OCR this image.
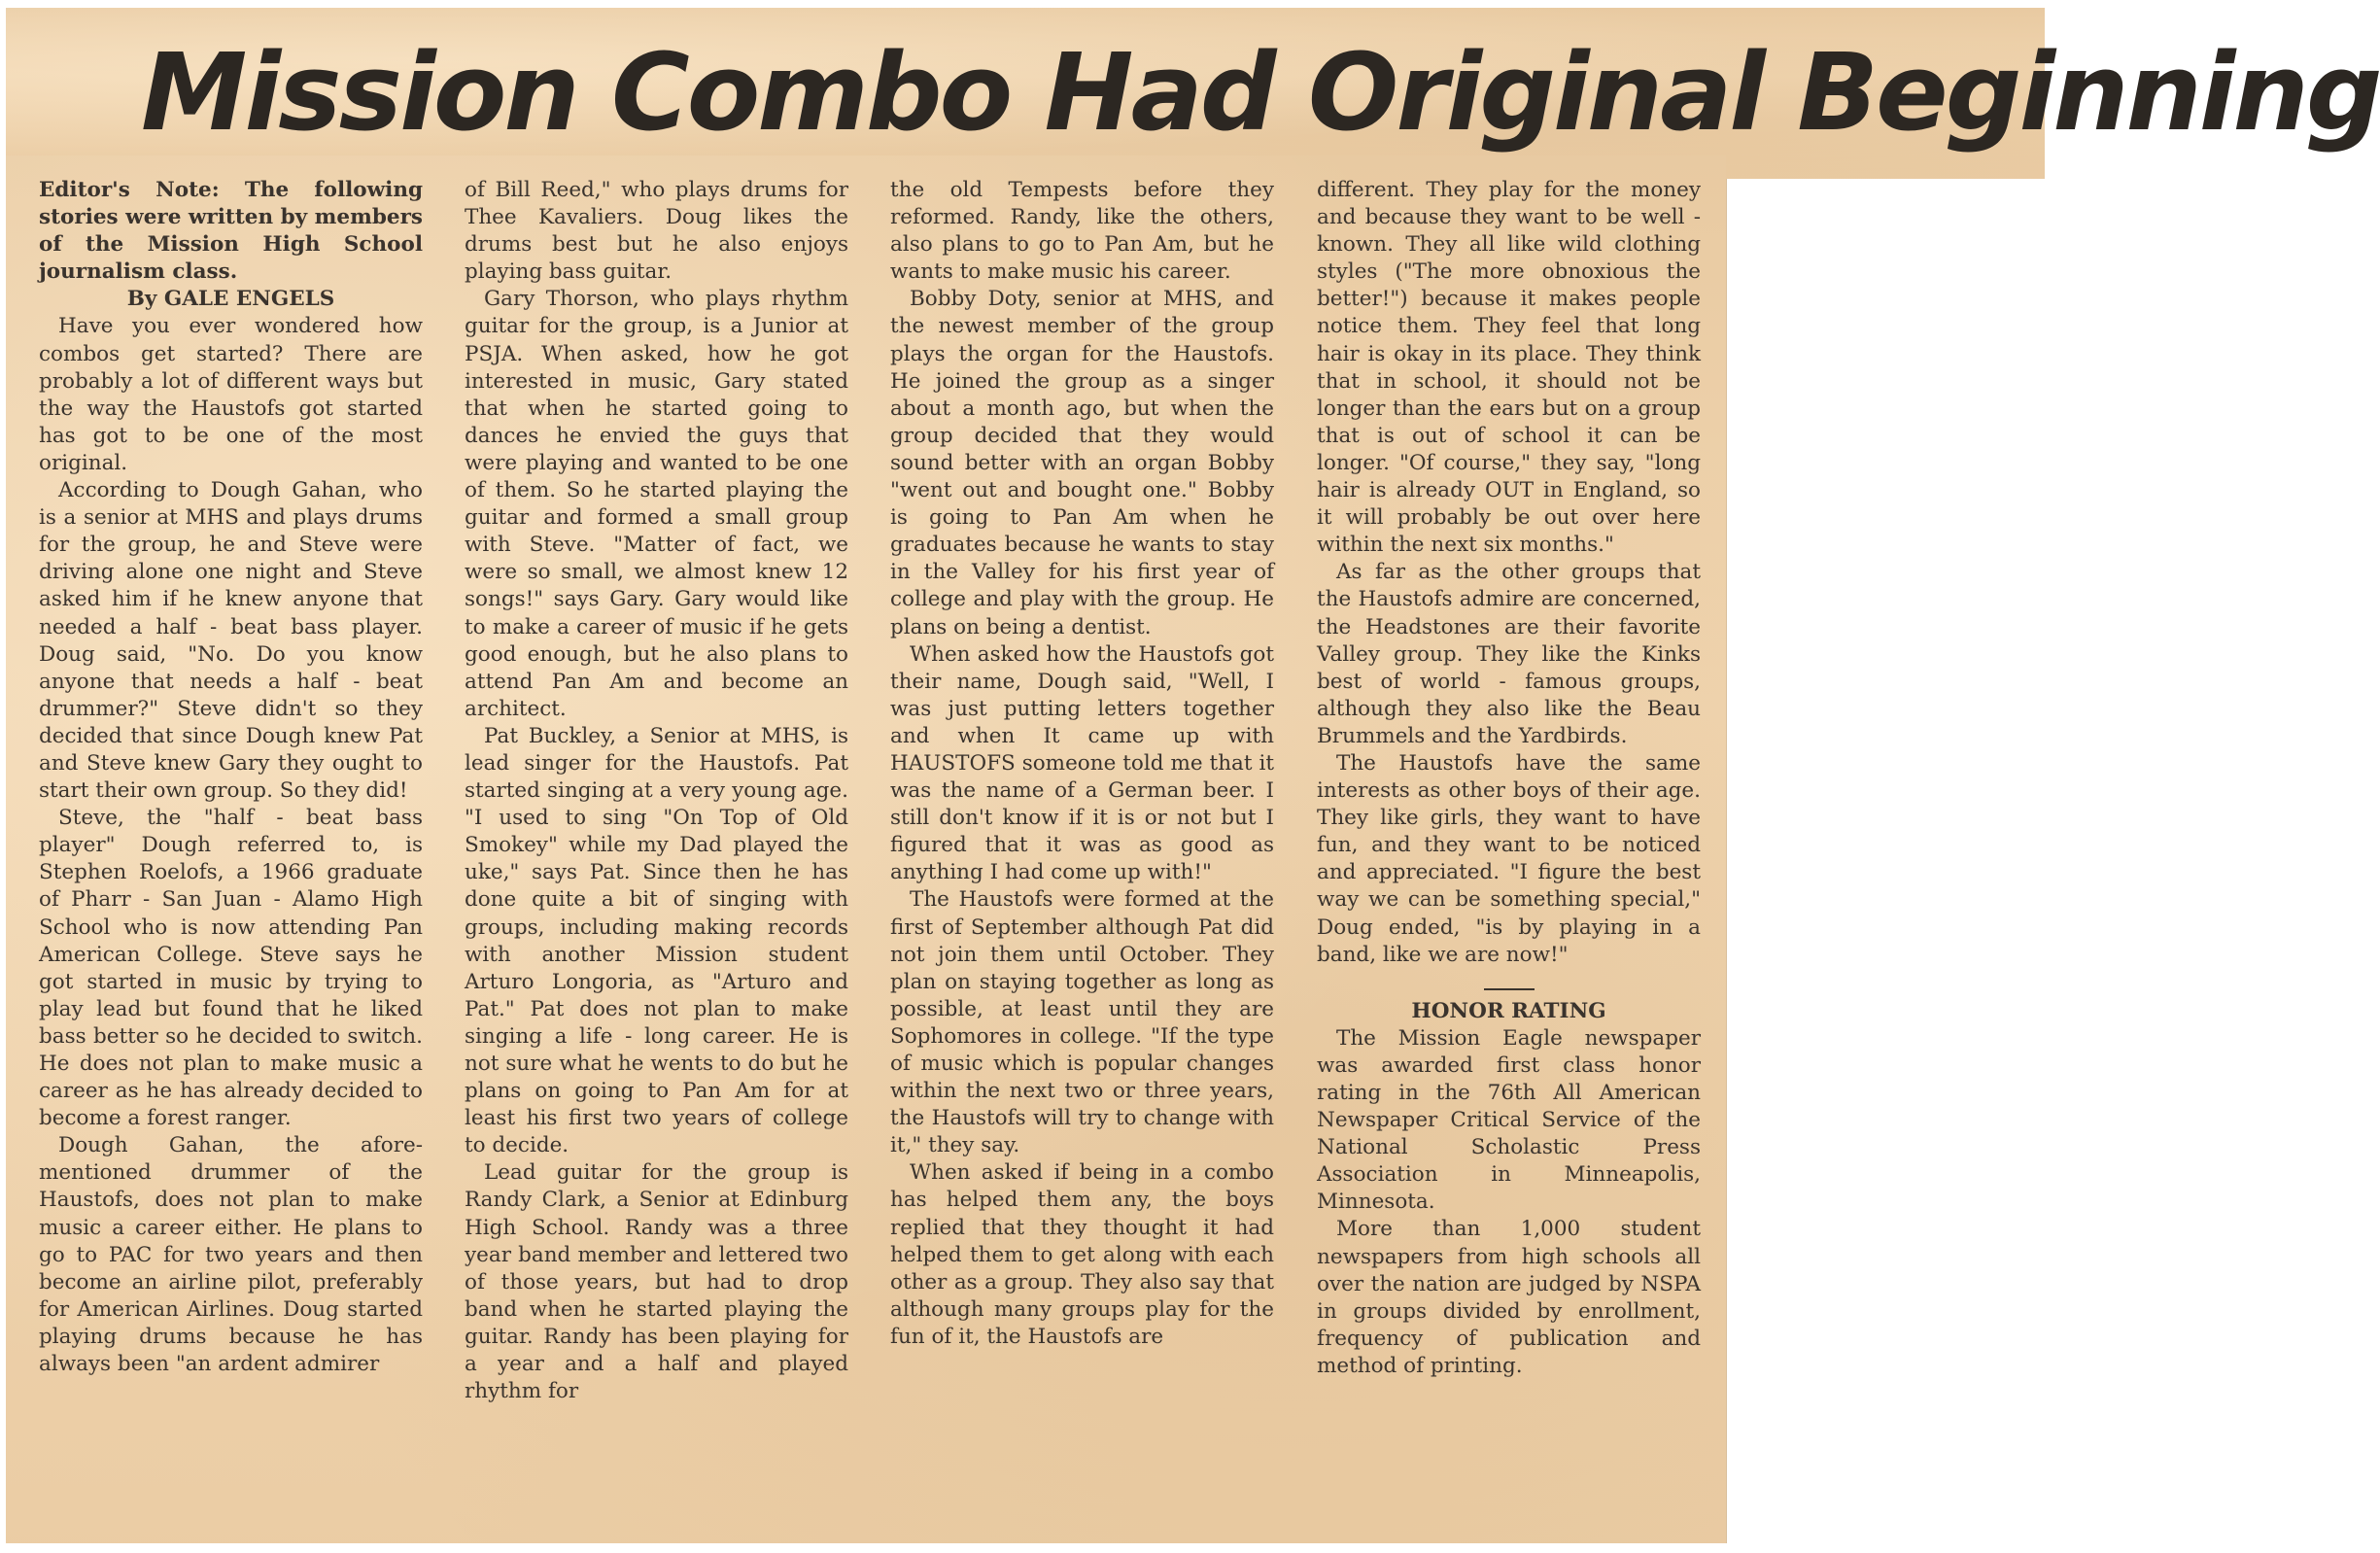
Mission Combo Had Original Beginning

Editor's Note: The following stories were written by members of the Mission High School journalism class.

By GALE ENGELS

Have you ever wondered how combos get started? There are probably a lot of different ways but the way the Haustofs got started has got to be one of the most original.

According to Dough Gahan, who is a senior at MHS and plays drums for the group, he and Steve were driving alone one night and Steve asked him if he knew anyone that needed a half - beat bass player. Doug said, "No. Do you know anyone that needs a half - beat drummer?" Steve didn't so they decided that since Dough knew Pat and Steve knew Gary they ought to start their own group. So they did!

Steve, the "half - beat bass player" Dough referred to, is Stephen Roelofs, a 1966 graduate of Pharr - San Juan - Alamo High School who is now attending Pan American College. Steve says he got started in music by trying to play lead but found that he liked bass better so he decided to switch. He does not plan to make music a career as he has already decided to become a forest ranger.

Dough Gahan, the afore-mentioned drummer of the Haustofs, does not plan to make music a career either. He plans to go to PAC for two years and then become an airline pilot, preferably for American Airlines. Doug started playing drums because he has always been "an ardent admirer

of Bill Reed," who plays drums for Thee Kavaliers. Doug likes the drums best but he also enjoys playing bass guitar.

Gary Thorson, who plays rhythm guitar for the group, is a Junior at PSJA. When asked, how he got interested in music, Gary stated that when he started going to dances he envied the guys that were playing and wanted to be one of them. So he started playing the guitar and formed a small group with Steve. "Matter of fact, we were so small, we almost knew 12 songs!" says Gary. Gary would like to make a career of music if he gets good enough, but he also plans to attend Pan Am and become an architect.

Pat Buckley, a Senior at MHS, is lead singer for the Haustofs. Pat started singing at a very young age. "I used to sing "On Top of Old Smokey" while my Dad played the uke," says Pat. Since then he has done quite a bit of singing with groups, including making records with another Mission student Arturo Longoria, as "Arturo and Pat." Pat does not plan to make singing a life - long career. He is not sure what he wents to do but he plans on going to Pan Am for at least his first two years of college to decide.

Lead guitar for the group is Randy Clark, a Senior at Edinburg High School. Randy was a three year band member and lettered two of those years, but had to drop band when he started playing the guitar. Randy has been playing for a year and a half and played rhythm for

the old Tempests before they reformed. Randy, like the others, also plans to go to Pan Am, but he wants to make music his career.

Bobby Doty, senior at MHS, and the newest member of the group plays the organ for the Haustofs. He joined the group as a singer about a month ago, but when the group decided that they would sound better with an organ Bobby "went out and bought one." Bobby is going to Pan Am when he graduates because he wants to stay in the Valley for his first year of college and play with the group. He plans on being a dentist.

When asked how the Haustofs got their name, Dough said, "Well, I was just putting letters together and when It came up with HAUSTOFS someone told me that it was the name of a German beer. I still don't know if it is or not but I figured that it was as good as anything I had come up with!"

The Haustofs were formed at the first of September although Pat did not join them until October. They plan on staying together as long as possible, at least until they are Sophomores in college. "If the type of music which is popular changes within the next two or three years, the Haustofs will try to change with it," they say.

When asked if being in a combo has helped them any, the boys replied that they thought it had helped them to get along with each other as a group. They also say that although many groups play for the fun of it, the Haustofs are

different. They play for the money and because they want to be well - known. They all like wild clothing styles ("The more obnoxious the better!") because it makes people notice them. They feel that long hair is okay in its place. They think that in school, it should not be longer than the ears but on a group that is out of school it can be longer. "Of course," they say, "long hair is already OUT in England, so it will probably be out over here within the next six months."

As far as the other groups that the Haustofs admire are concerned, the Headstones are their favorite Valley group. They like the Kinks best of world - famous groups, although they also like the Beau Brummels and the Yardbirds.

The Haustofs have the same interests as other boys of their age. They like girls, they want to have fun, and they want to be noticed and appreciated. "I figure the best way we can be something special," Doug ended, "is by playing in a band, like we are now!"

HONOR RATING

The Mission Eagle newspaper was awarded first class honor rating in the 76th All American Newspaper Critical Service of the National Scholastic Press Association in Minneapolis, Minnesota.

More than 1,000 student newspapers from high schools all over the nation are judged by NSPA in groups divided by enrollment, frequency of publication and method of printing.
